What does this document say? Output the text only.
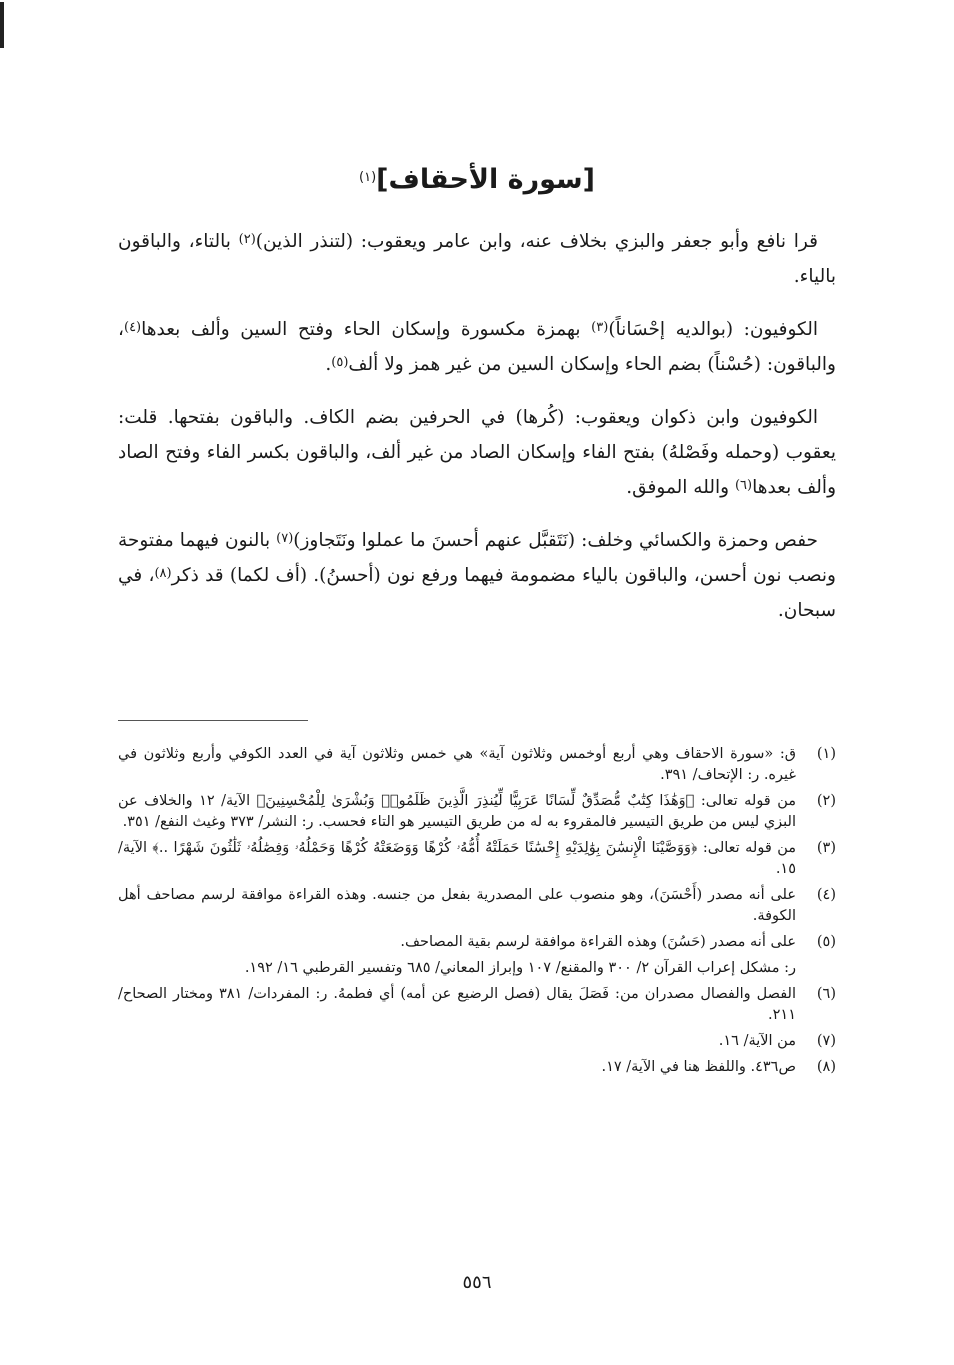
[سورة الأحقاف]$^{(١)}$

قرا نافع وأبو جعفر والبزي بخلاف عنه، وابن عامر ويعقوب: (لتنذر الذين)$^{(٢)}$ بالتاء، والباقون بالياء.

الكوفيون: (بوالديه إحْسَاناً)$^{(٣)}$ بهمزة مكسورة وإسكان الحاء وفتح السين وألف بعدها$^{(٤)}$، والباقون: (حُسْناً) بضم الحاء وإسكان السين من غير همز ولا ألف$^{(٥)}$.

الكوفيون وابن ذكوان ويعقوب: (كُرها) في الحرفين بضم الكاف. والباقون بفتحها. قلت: يعقوب (وحمله وفَصْلهُ) بفتح الفاء وإسكان الصاد من غير ألف، والباقون بكسر الفاء وفتح الصاد وألف بعدها$^{(٦)}$ والله الموفق.

حفص وحمزة والكسائي وخلف: (نَتَقبَّل عنهم أحسنَ ما عملوا ونَتَجاوز)$^{(٧)}$ بالنون فيهما مفتوحة ونصب نون أحسن، والباقون بالياء مضمومة فيهما ورفع نون (أحسنُ). (أف لكما) قد ذكر$^{(٨)}$، في سبحان.

(١)
ق: «سورة الاحقاف وهي أربع أوخمس وثلاثون آية» هي خمس وثلاثون آية في العدد الكوفي وأربع وثلاثون في غيره. ر: الإتحاف/ ٣٩١.
(٢)
من قوله تعالى: ﴿وَهَٰذَا كِتَٰبٌ مُّصَدِّقٌ لِّسَانًا عَرَبِيًّا لِّيُنذِرَ الَّذِينَ ظَلَمُوا۟ وَبُشْرَىٰ لِلْمُحْسِنِينَ﴾ الآية/ ١٢ والخلاف عن البزي ليس من طريق التيسير فالمقروء به له من طريق التيسير هو التاء فحسب. ر: النشر/ ٣٧٣ وغيث النفع/ ٣٥١.
(٣)
من قوله تعالى: ﴿وَوَصَّيْنَا الْإِنسَٰنَ بِوَٰلِدَيْهِ إِحْسَٰنًا حَمَلَتْهُ أُمُّهُۥ كُرْهًا وَوَضَعَتْهُ كُرْهًا وَحَمْلُهُۥ وَفِصَٰلُهُۥ ثَلَٰثُونَ شَهْرًا ..﴾ الآية/ ١٥.
(٤)
على أنه مصدر (أَحْسَنَ)، وهو منصوب على المصدرية بفعل من جنسه. وهذه القراءة موافقة لرسم مصاحف أهل الكوفة.
(٥)
على أنه مصدر (حَسُنَ) وهذه القراءة موافقة لرسم بقية المصاحف.
ر: مشكل إعراب القرآن ٢/ ٣٠٠ والمقنع/ ١٠٧ وإبراز المعاني/ ٦٨٥ وتفسير القرطبي ١٦/ ١٩٢.
(٦)
الفصل والفصال مصدران من: فَصَلَ يقال (فصل الرضيع عن أمه) أي فطمهُ. ر: المفردات/ ٣٨١ ومختار الصحاح/ ٢١١.
(٧)
من الآية/ ١٦.
(٨)
ص٤٣٦. واللفظ هنا في الآية/ ١٧.
٥٥٦
